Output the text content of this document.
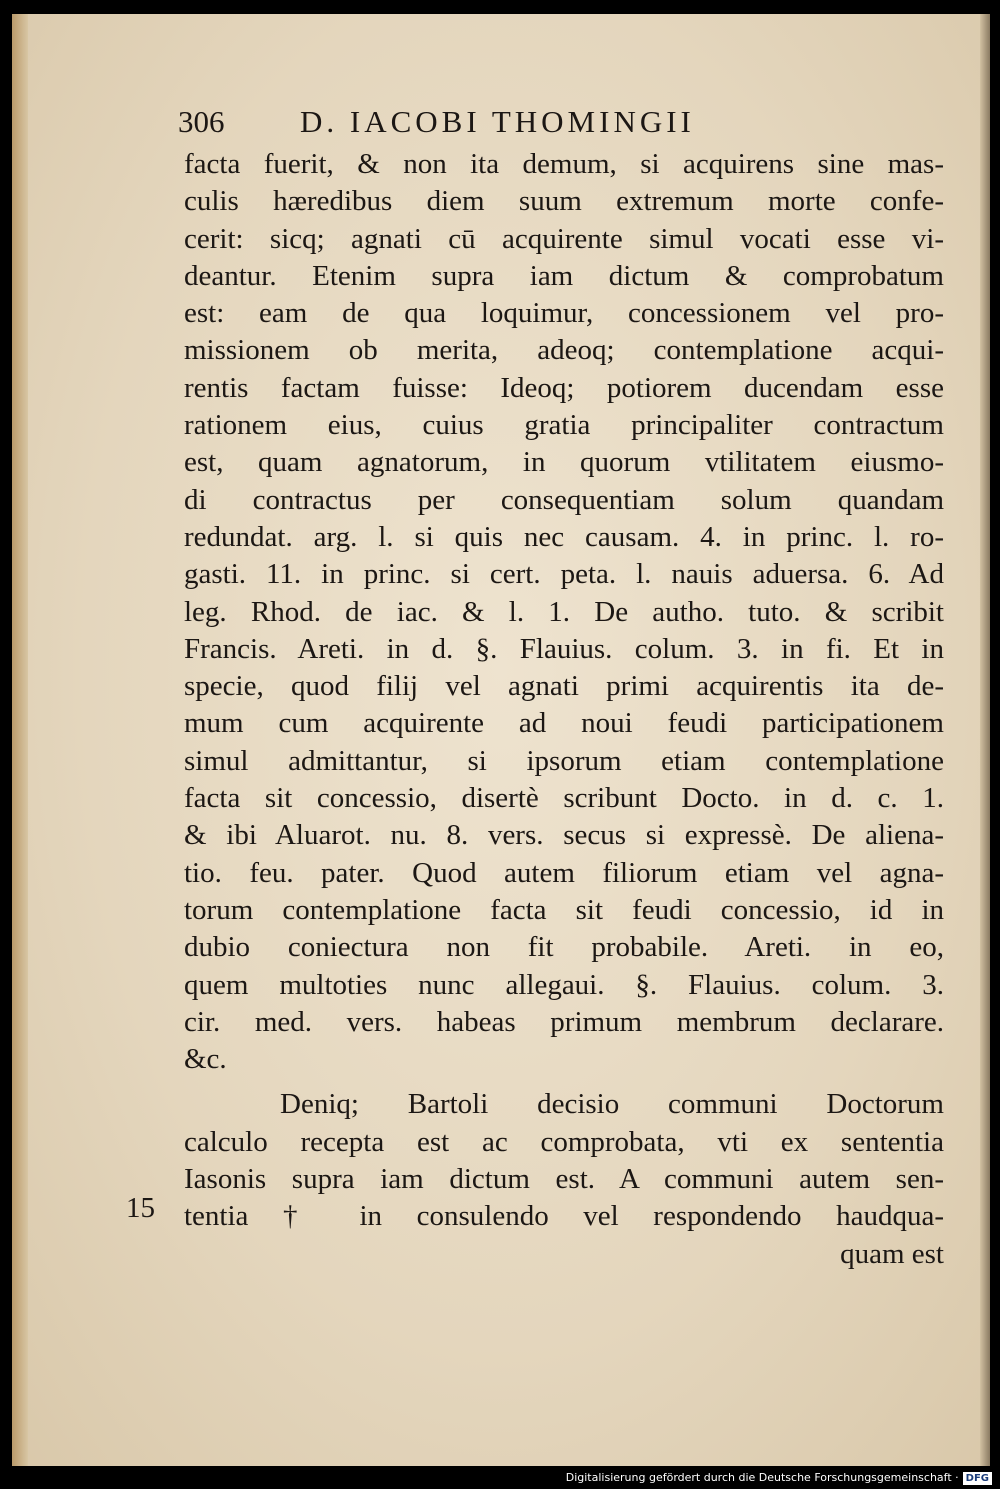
306 D. IACOBI THOMINGII
facta fuerit, & non ita demum, si acquirens sine mas-
culis hæredibus diem suum extremum morte confe-
cerit: sicq; agnati cū acquirente simul vocati esse vi-
deantur. Etenim supra iam dictum & comprobatum
est: eam de qua loquimur, concessionem vel pro-
missionem ob merita, adeoq; contemplatione acqui-
rentis factam fuisse: Ideoq; potiorem ducendam esse
rationem eius, cuius gratia principaliter contractum
est, quam agnatorum, in quorum vtilitatem eiusmo-
di contractus per consequentiam solum quandam
redundat. arg. l. si quis nec causam. 4. in princ. l. ro-
gasti. 11. in princ. si cert. peta. l. nauis aduersa. 6. Ad
leg. Rhod. de iac. & l. 1. De autho. tuto. & scribit
Francis. Areti. in d. §. Flauius. colum. 3. in fi. Et in
specie, quod filij vel agnati primi acquirentis ita de-
mum cum acquirente ad noui feudi participationem
simul admittantur, si ipsorum etiam contemplatione
facta sit concessio, disertè scribunt Docto. in d. c. 1.
& ibi Aluarot. nu. 8. vers. secus si expressè. De aliena-
tio. feu. pater. Quod autem filiorum etiam vel agna-
torum contemplatione facta sit feudi concessio, id in
dubio coniectura non fit probabile. Areti. in eo,
quem multoties nunc allegaui. §. Flauius. colum. 3.
cir. med. vers. habeas primum membrum declarare.
&c.
Deniq; Bartoli decisio communi Doctorum
calculo recepta est ac comprobata, vti ex sententia
Iasonis supra iam dictum est. A communi autem sen-
tentia † in consulendo vel respondendo haudqua-
quam est
15
Digitalisierung gefördert durch die Deutsche Forschungsgemeinschaft · DFG
